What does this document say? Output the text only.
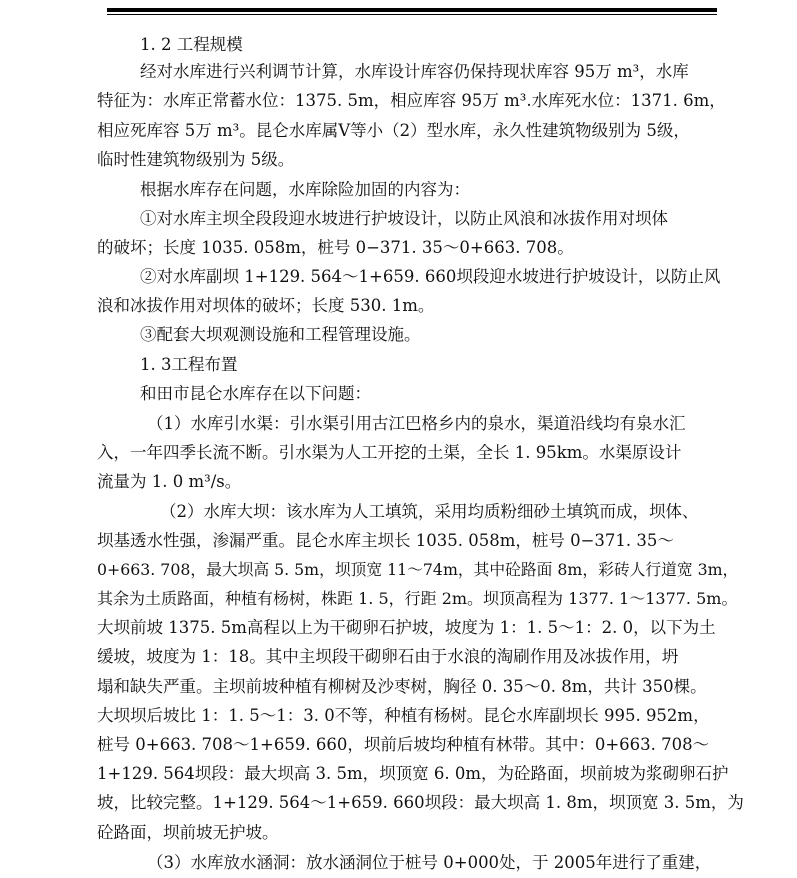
1. 2 工程规模
经对水库进行兴利调节计算，水库设计库容仍保持现状库容 95万 m³，水库
特征为：水库正常蓄水位：1375. 5m，相应库容 95万 m³.水库死水位：1371. 6m，
相应死库容 5万 m³。昆仑水库属Ⅴ等小（2）型水库，永久性建筑物级别为 5级，
临时性建筑物级别为 5级。
根据水库存在问题，水库除险加固的内容为：
①对水库主坝全段段迎水坡进行护坡设计，以防止风浪和冰拔作用对坝体
的破坏；长度 1035. 058m，桩号 0−371. 35～0+663. 708。
②对水库副坝 1+129. 564～1+659. 660坝段迎水坡进行护坡设计，以防止风
浪和冰拔作用对坝体的破坏；长度 530. 1m。
③配套大坝观测设施和工程管理设施。
1. 3工程布置
和田市昆仑水库存在以下问题：
（1）水库引水渠：引水渠引用古江巴格乡内的泉水，渠道沿线均有泉水汇
入，一年四季长流不断。引水渠为人工开挖的土渠，全长 1. 95km。水渠原设计
流量为 1. 0 m³/s。
（2）水库大坝：该水库为人工填筑，采用均质粉细砂土填筑而成，坝体、
坝基透水性强，渗漏严重。昆仑水库主坝长 1035. 058m，桩号 0−371. 35～
0+663. 708，最大坝高 5. 5m，坝顶宽 11～74m，其中砼路面 8m，彩砖人行道宽 3m，
其余为土质路面，种植有杨树，株距 1. 5，行距 2m。坝顶高程为 1377. 1～1377. 5m。
大坝前坡 1375. 5m高程以上为干砌卵石护坡，坡度为 1：1. 5～1：2. 0，以下为土
缓坡，坡度为 1：18。其中主坝段干砌卵石由于水浪的淘刷作用及冰拔作用，坍
塌和缺失严重。主坝前坡种植有柳树及沙枣树，胸径 0. 35～0. 8m，共计 350棵。
大坝坝后坡比 1：1. 5～1：3. 0不等，种植有杨树。昆仑水库副坝长 995. 952m，
桩号 0+663. 708～1+659. 660，坝前后坡均种植有林带。其中：0+663. 708～
1+129. 564坝段：最大坝高 3. 5m，坝顶宽 6. 0m，为砼路面，坝前坡为浆砌卵石护
坡，比较完整。1+129. 564～1+659. 660坝段：最大坝高 1. 8m，坝顶宽 3. 5m，为
砼路面，坝前坡无护坡。
（3）水库放水涵洞：放水涵洞位于桩号 0+000处，于 2005年进行了重建，
